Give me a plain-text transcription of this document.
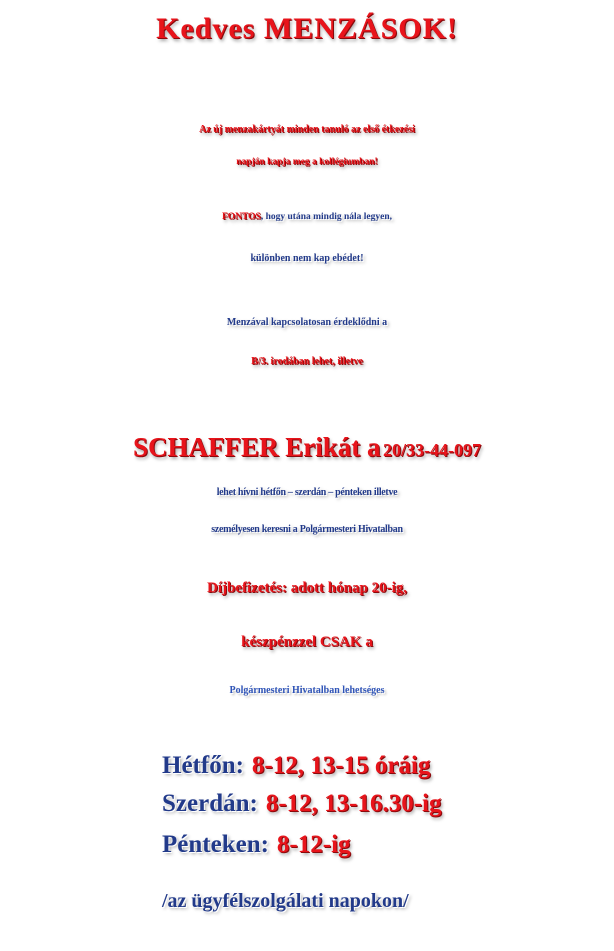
Kedves MENZÁSOK!

Az új menzakártyát minden tanuló az első étkezési

napján kapja meg a kollégiumban!

FONTOS, hogy utána mindig nála legyen,

különben nem kap ebédet!

Menzával kapcsolatosan érdeklődni a

B/3. irodában lehet, illetve

SCHAFFER Erikát a 20/33-44-097

lehet hívni hétfőn – szerdán – pénteken illetve

személyesen keresni a Polgármesteri Hivatalban

Díjbefizetés: adott hónap 20-ig,

készpénzzel CSAK a

Polgármesteri Hivatalban lehetséges

Hétfőn: 8-12, 13-15 óráig
Szerdán: 8-12, 13-16.30-ig
Pénteken: 8-12-ig

/az ügyfélszolgálati napokon/
